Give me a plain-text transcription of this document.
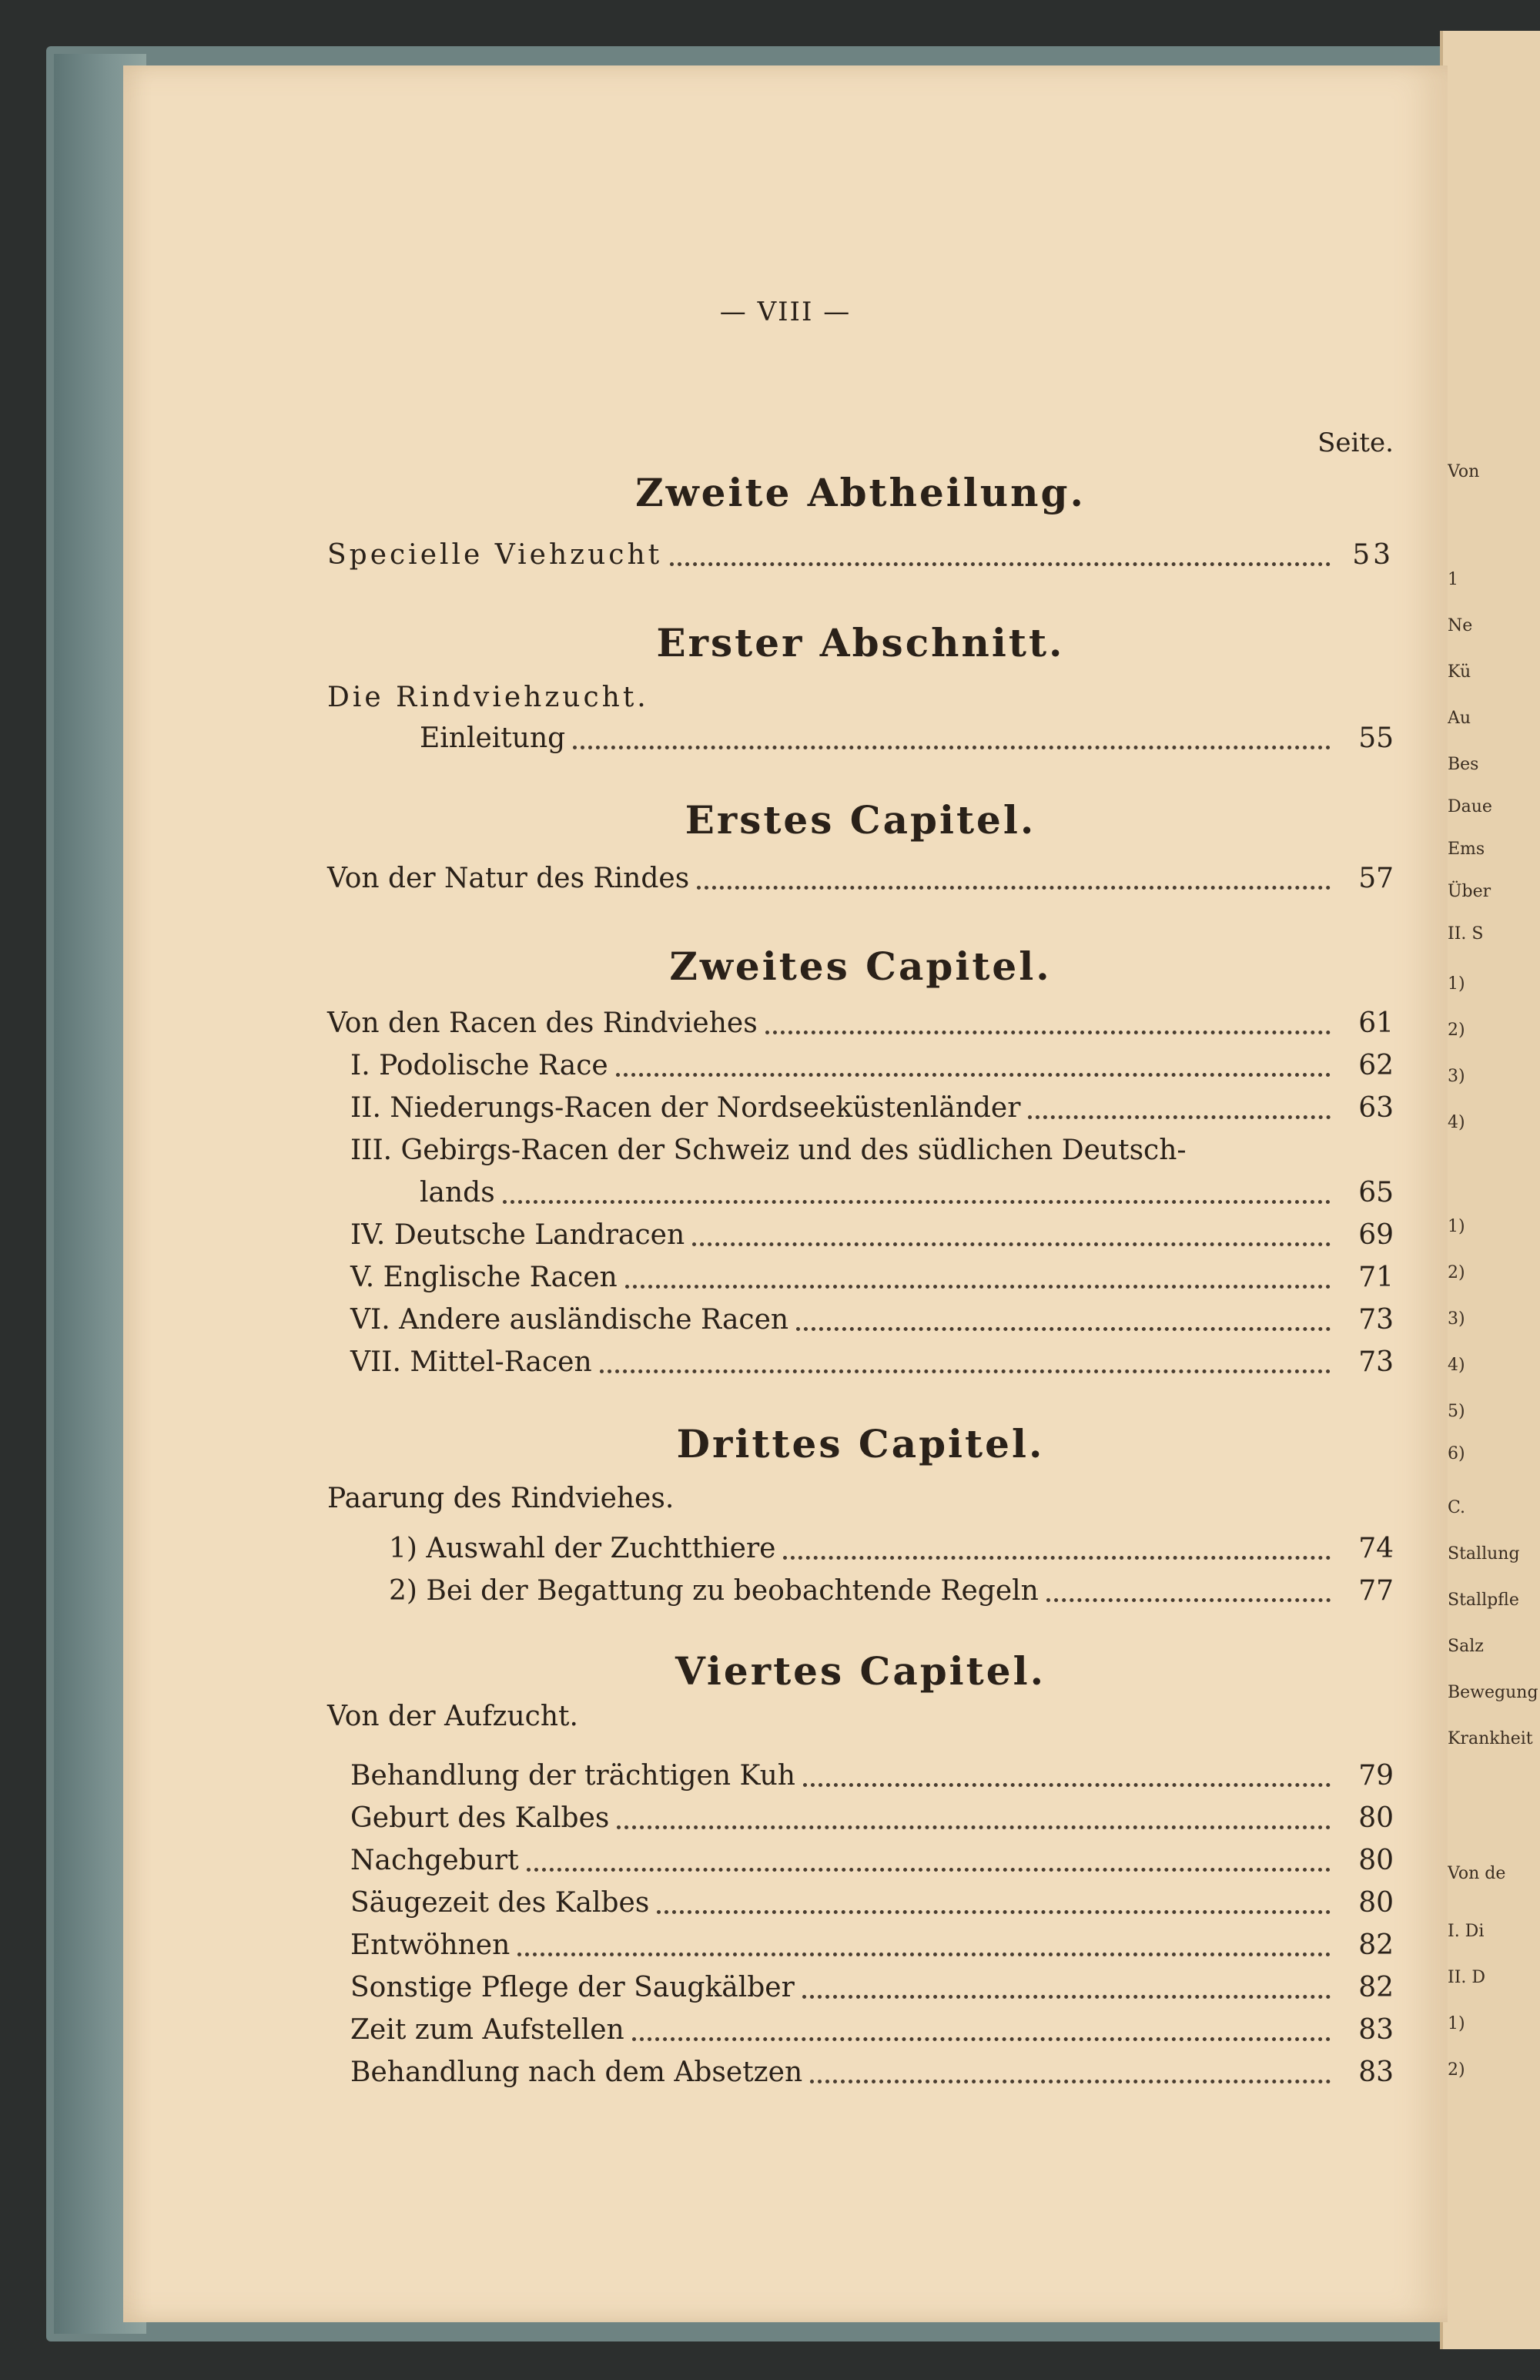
Von
1
Ne
Kü
Au
Bes
Daue
Ems
Über
II. S
1)
2)
3)
4)
1)
2)
3)
4)
5)
6)
C.
Stallung
Stallpfle
Salz
Bewegung
Krankheit
Von de
I. Di
II. D
1)
2)
— VIII —
Seite.
Zweite Abtheilung.
Specielle Viehzucht	53
Erster Abschnitt.
Die Rindviehzucht.
Einleitung	55
Erstes Capitel.
Von der Natur des Rindes	57
Zweites Capitel.
Von den Racen des Rindviehes	61
I. Podolische Race	62
II. Niederungs-Racen der Nordseeküstenländer	63
III. Gebirgs-Racen der Schweiz und des südlichen Deutsch-
lands	65
IV. Deutsche Landracen	69
V. Englische Racen	71
VI. Andere ausländische Racen	73
VII. Mittel-Racen	73
Drittes Capitel.
Paarung des Rindviehes.
1) Auswahl der Zuchtthiere	74
2) Bei der Begattung zu beobachtende Regeln	77
Viertes Capitel.
Von der Aufzucht.
Behandlung der trächtigen Kuh	79
Geburt des Kalbes	80
Nachgeburt	80
Säugezeit des Kalbes	80
Entwöhnen	82
Sonstige Pflege der Saugkälber	82
Zeit zum Aufstellen	83
Behandlung nach dem Absetzen	83
